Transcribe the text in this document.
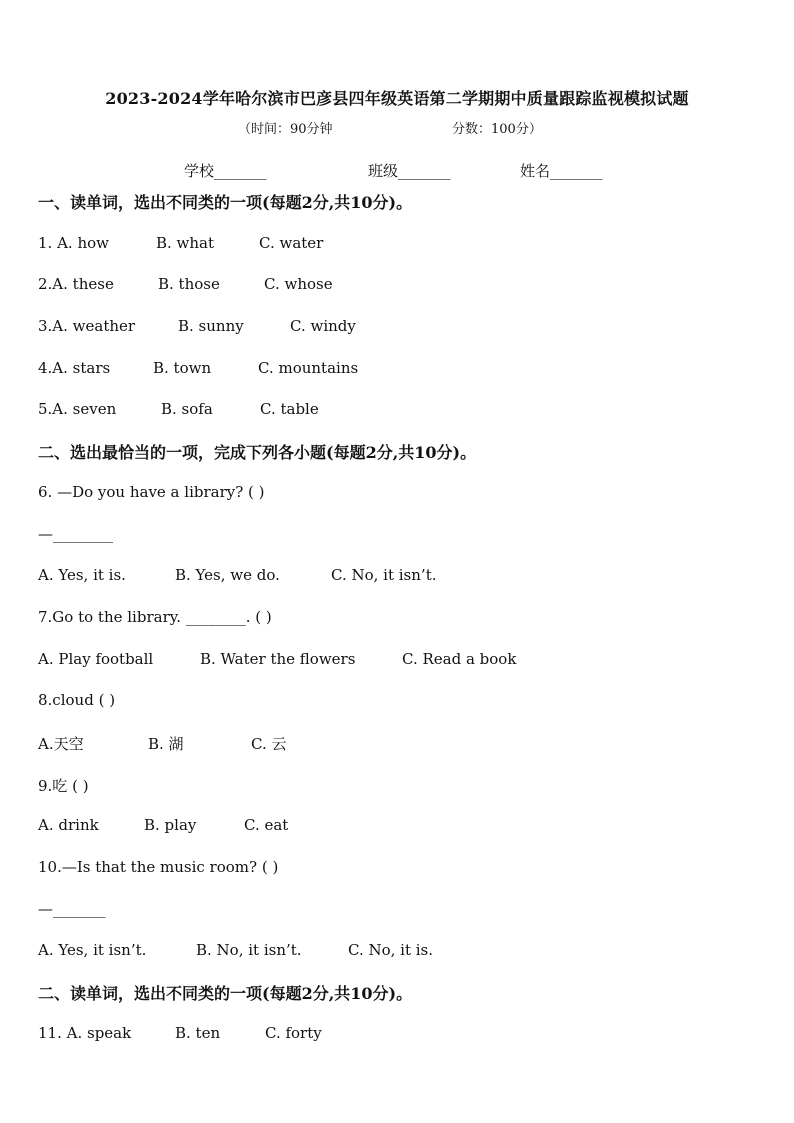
2023-2024学年哈尔滨市巴彦县四年级英语第二学期期中质量跟踪监视模拟试题
（时间：90分钟	分数：100分）
学校_______	班级_______	姓名_______
一、读单词，选出不同类的一项(每题2分,共10分)。
1. A. how	B. what	C. water
2.A. these	B. those	C. whose
3.A. weather	B. sunny	C. windy
4.A. stars	B. town	C. mountains
5.A. seven	B. sofa	C. table
二、选出最恰当的一项，完成下列各小题(每题2分,共10分)。
6. —Do you have a library? ( )
—________
A. Yes, it is.	B. Yes, we do.	C. No, it isn’t.
7.Go to the library. ________. ( )
A. Play football	B. Water the flowers	C. Read a book
8.cloud ( )
A.天空	B. 湖	C. 云
9.吃 ( )
A. drink	B. play	C. eat
10.—Is that the music room? ( )
—_______
A. Yes, it isn’t.	B. No, it isn’t.	C. No, it is.
二、读单词，选出不同类的一项(每题2分,共10分)。
11. A. speak	B. ten	C. forty
